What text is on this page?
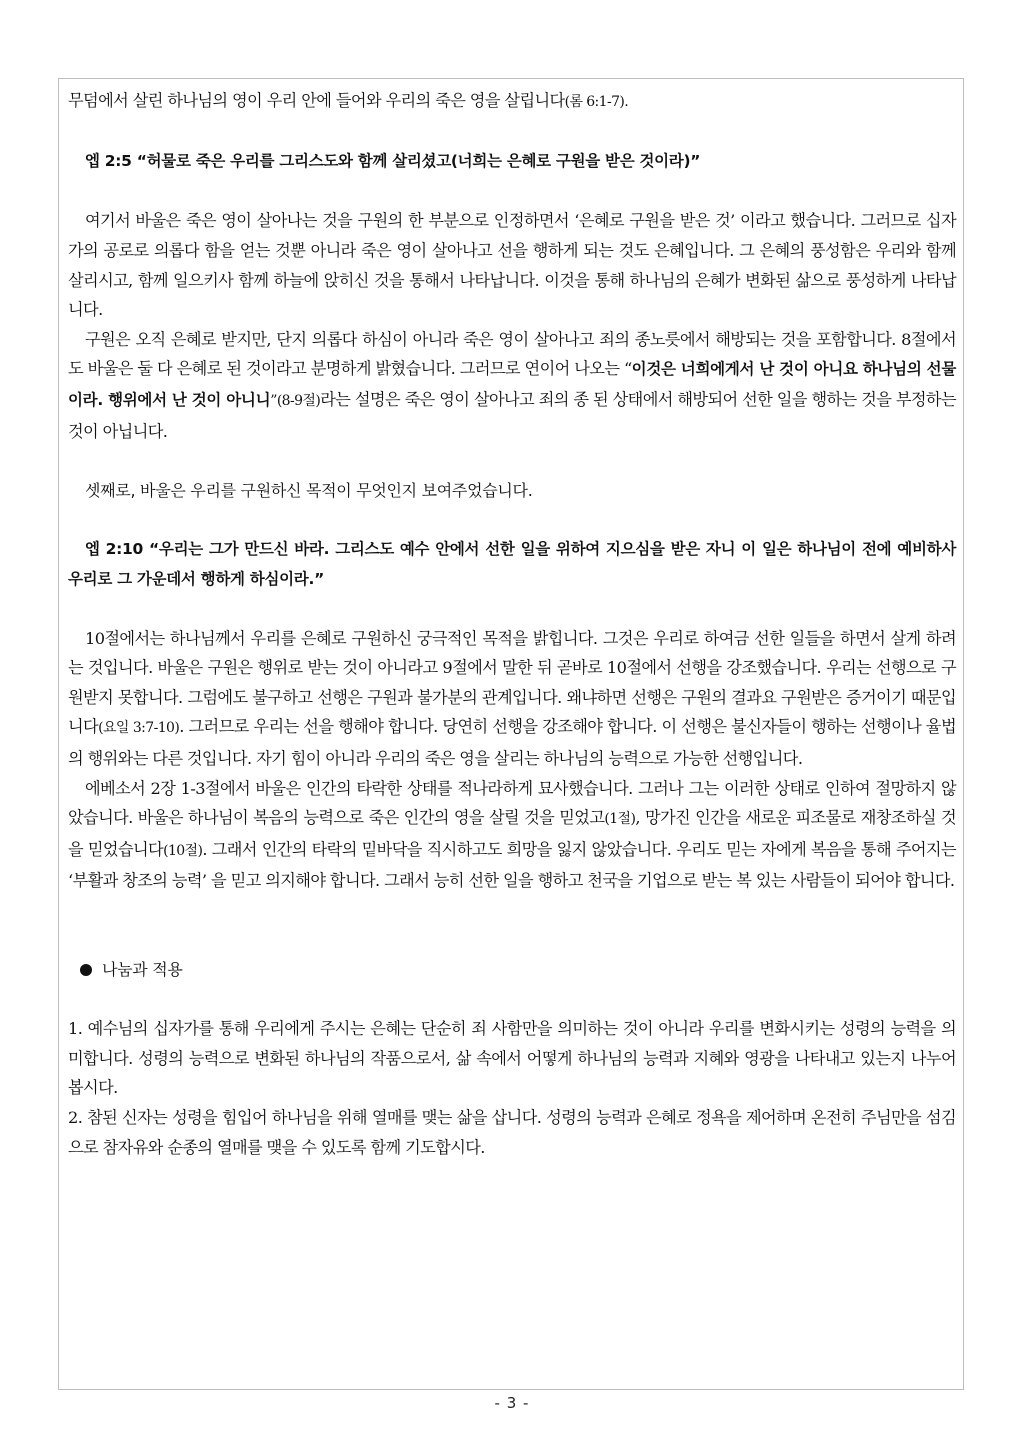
무덤에서 살린 하나님의 영이 우리 안에 들어와 우리의 죽은 영을 살립니다(롬 6:1-7).

엡 2:5 “허물로 죽은 우리를 그리스도와 함께 살리셨고(너희는 은혜로 구원을 받은 것이라)”

여기서 바울은 죽은 영이 살아나는 것을 구원의 한 부분으로 인정하면서 ‘은혜로 구원을 받은 것’ 이라고 했습니다. 그러므로 십자가의 공로로 의롭다 함을 얻는 것뿐 아니라 죽은 영이 살아나고 선을 행하게 되는 것도 은혜입니다. 그 은혜의 풍성함은 우리와 함께 살리시고, 함께 일으키사 함께 하늘에 앉히신 것을 통해서 나타납니다. 이것을 통해 하나님의 은혜가 변화된 삶으로 풍성하게 나타납니다.

구원은 오직 은혜로 받지만, 단지 의롭다 하심이 아니라 죽은 영이 살아나고 죄의 종노릇에서 해방되는 것을 포함합니다. 8절에서도 바울은 둘 다 은혜로 된 것이라고 분명하게 밝혔습니다. 그러므로 연이어 나오는 “이것은 너희에게서 난 것이 아니요 하나님의 선물이라. 행위에서 난 것이 아니니”(8-9절)라는 설명은 죽은 영이 살아나고 죄의 종 된 상태에서 해방되어 선한 일을 행하는 것을 부정하는 것이 아닙니다.

셋째로, 바울은 우리를 구원하신 목적이 무엇인지 보여주었습니다.

엡 2:10 “우리는 그가 만드신 바라. 그리스도 예수 안에서 선한 일을 위하여 지으심을 받은 자니 이 일은 하나님이 전에 예비하사 우리로 그 가운데서 행하게 하심이라.”

10절에서는 하나님께서 우리를 은혜로 구원하신 궁극적인 목적을 밝힙니다. 그것은 우리로 하여금 선한 일들을 하면서 살게 하려는 것입니다. 바울은 구원은 행위로 받는 것이 아니라고 9절에서 말한 뒤 곧바로 10절에서 선행을 강조했습니다. 우리는 선행으로 구원받지 못합니다. 그럼에도 불구하고 선행은 구원과 불가분의 관계입니다. 왜냐하면 선행은 구원의 결과요 구원받은 증거이기 때문입니다(요일 3:7-10). 그러므로 우리는 선을 행해야 합니다. 당연히 선행을 강조해야 합니다. 이 선행은 불신자들이 행하는 선행이나 율법의 행위와는 다른 것입니다. 자기 힘이 아니라 우리의 죽은 영을 살리는 하나님의 능력으로 가능한 선행입니다.

에베소서 2장 1-3절에서 바울은 인간의 타락한 상태를 적나라하게 묘사했습니다. 그러나 그는 이러한 상태로 인하여 절망하지 않았습니다. 바울은 하나님이 복음의 능력으로 죽은 인간의 영을 살릴 것을 믿었고(1절), 망가진 인간을 새로운 피조물로 재창조하실 것을 믿었습니다(10절). 그래서 인간의 타락의 밑바닥을 직시하고도 희망을 잃지 않았습니다. 우리도 믿는 자에게 복음을 통해 주어지는 ‘부활과 창조의 능력’ 을 믿고 의지해야 합니다. 그래서 능히 선한 일을 행하고 천국을 기업으로 받는 복 있는 사람들이 되어야 합니다.

나눔과 적용

1. 예수님의 십자가를 통해 우리에게 주시는 은혜는 단순히 죄 사함만을 의미하는 것이 아니라 우리를 변화시키는 성령의 능력을 의미합니다. 성령의 능력으로 변화된 하나님의 작품으로서, 삶 속에서 어떻게 하나님의 능력과 지혜와 영광을 나타내고 있는지 나누어봅시다.

2. 참된 신자는 성령을 힘입어 하나님을 위해 열매를 맺는 삶을 삽니다. 성령의 능력과 은혜로 정욕을 제어하며 온전히 주님만을 섬김으로 참자유와 순종의 열매를 맺을 수 있도록 함께 기도합시다.

- 3 -
